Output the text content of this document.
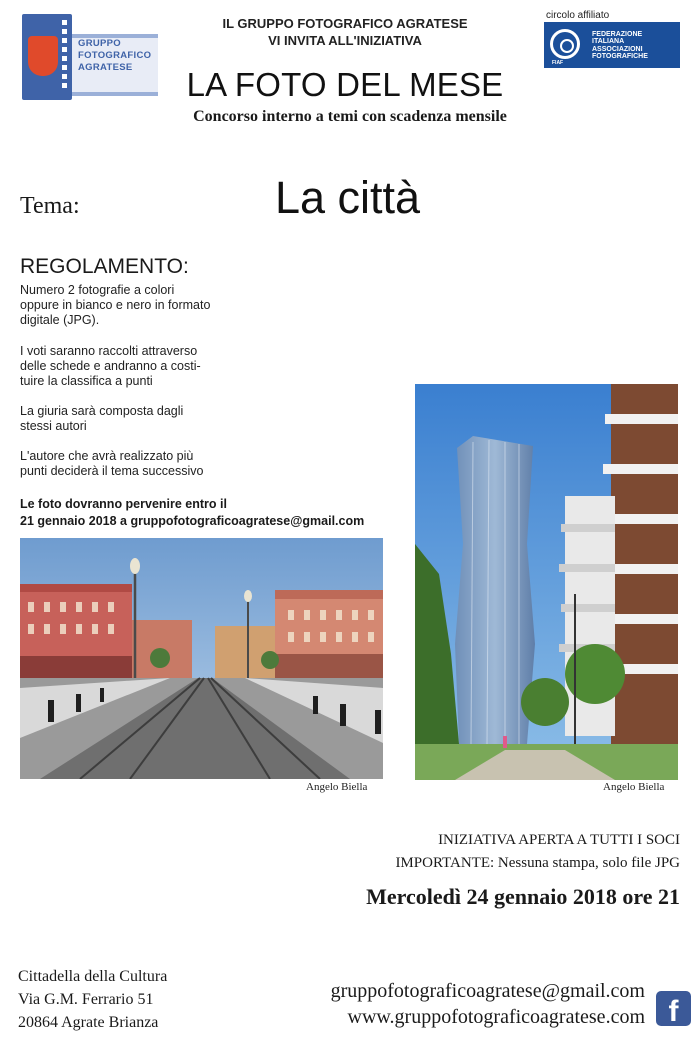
GRUPPO
FOTOGRAFICO
AGRATESE
IL GRUPPO FOTOGRAFICO AGRATESE
VI INVITA ALL'INIZIATIVA
LA FOTO DEL MESE
Concorso interno a temi con scadenza mensile
circolo affiliato
FIAF
FEDERAZIONE
ITALIANA
ASSOCIAZIONI
FOTOGRAFICHE
Tema:	La città
REGOLAMENTO:
Numero 2 fotografie a colori
oppure in bianco e nero in formato
digitale (JPG).
I voti saranno raccolti attraverso
delle schede e andranno a costi-
tuire la classifica a punti
La giuria sarà composta dagli
stessi autori
L'autore che avrà realizzato più
punti deciderà il tema successivo
Le foto dovranno pervenire entro il
21 gennaio 2018 a gruppofotograficoagratese@gmail.com
Angelo Biella	Angelo Biella
INIZIATIVA APERTA A TUTTI I SOCI
IMPORTANTE: Nessuna stampa, solo file JPG
Mercoledì 24 gennaio 2018 ore 21
Cittadella della Cultura
Via G.M. Ferrario 51
20864 Agrate Brianza
gruppofotograficoagratese@gmail.com
www.gruppofotograficoagratese.com f
